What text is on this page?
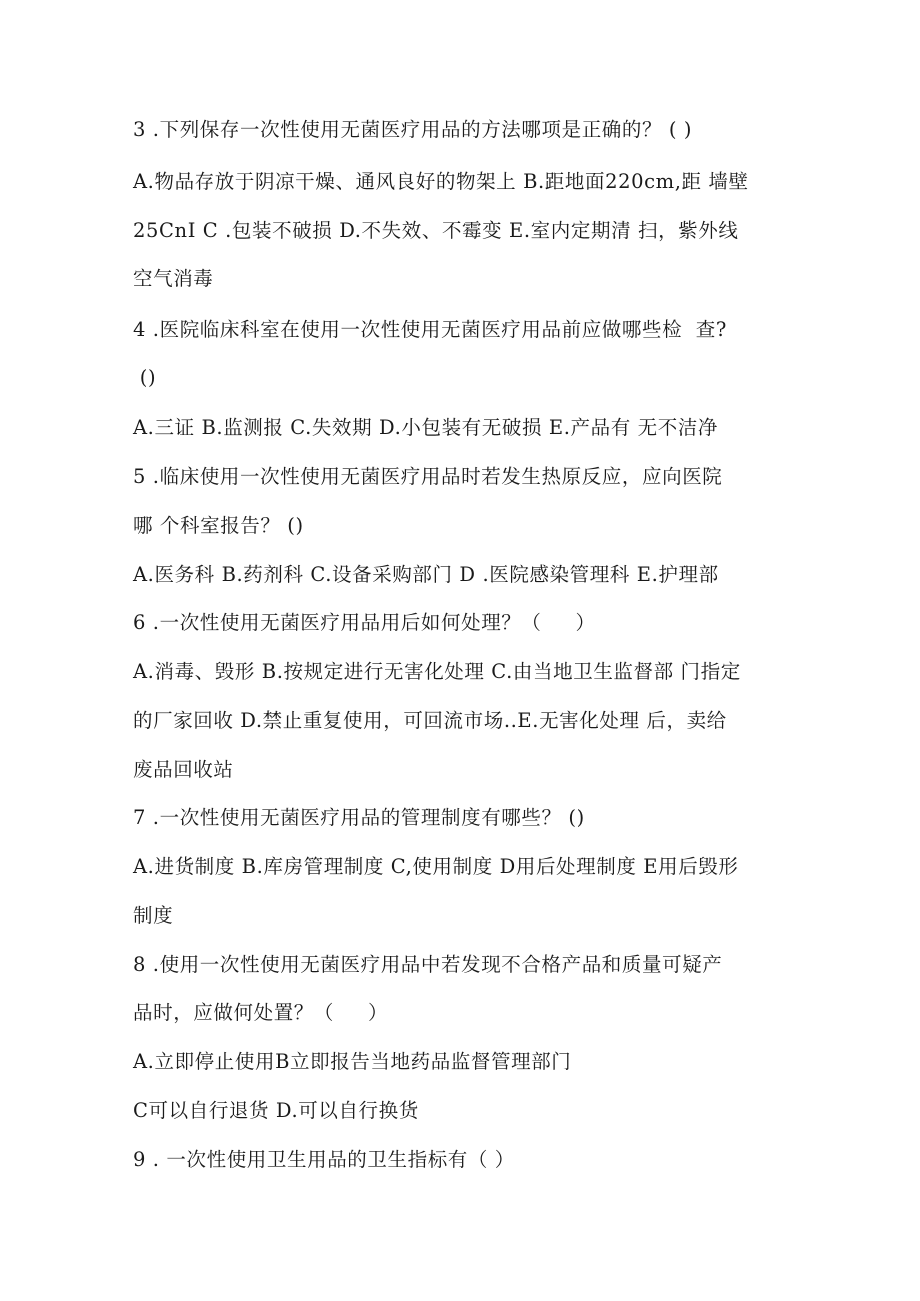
3 .下列保存一次性使用无菌医疗用品的方法哪项是正确的？ ( )

A.物品存放于阴凉干燥、通风良好的物架上 B.距地面220cm,距 墙壁

25CnI C .包装不破损 D.不失效、不霉变 E.室内定期清 扫，紫外线

空气消毒

4 .医院临床科室在使用一次性使用无菌医疗用品前应做哪些检  查?

()

A.三证 B.监测报 C.失效期 D.小包装有无破损 E.产品有 无不洁净

5 .临床使用一次性使用无菌医疗用品时若发生热原反应，应向医院

哪 个科室报告？ ()

A.医务科 B.药剂科 C.设备采购部门 D .医院感染管理科 E.护理部

6 .一次性使用无菌医疗用品用后如何处理？（     ）

A.消毒、毁形 B.按规定进行无害化处理 C.由当地卫生监督部 门指定

的厂家回收 D.禁止重复使用，可回流市场..E.无害化处理 后，卖给

废品回收站

7 .一次性使用无菌医疗用品的管理制度有哪些？ ()

A.进货制度 B.库房管理制度 C,使用制度 D用后处理制度 E用后毁形

制度

8 .使用一次性使用无菌医疗用品中若发现不合格产品和质量可疑产

品时，应做何处置？（     ）

A.立即停止使用B立即报告当地药品监督管理部门

C可以自行退货 D.可以自行换货

9 . 一次性使用卫生用品的卫生指标有（ ）
